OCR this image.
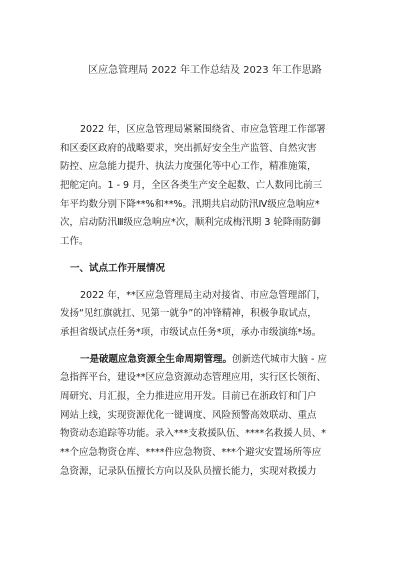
区应急管理局 2022 年工作总结及 2023 年工作思路
2022 年，区应急管理局紧紧围绕省、市应急管理工作部署
和区委区政府的战略要求，突出抓好安全生产监管、自然灾害
防控、应急能力提升、执法力度强化等中心工作，精准施策，
把舵定向。1 - 9 月，全区各类生产安全起数、亡人数同比前三
年平均数分别下降**%和**%。汛期共启动防汛Ⅳ级应急响应*
次，启动防汛Ⅲ级应急响应*次，顺利完成梅汛期 3 轮降雨防御
工作。
一、试点工作开展情况
2022 年，**区应急管理局主动对接省、市应急管理部门，
发扬“见红旗就扛、见第一就争”的冲锋精神，积极争取试点，
承担省级试点任务*项，市级试点任务*项，承办市级演练*场。
一是破题应急资源全生命周期管理。创新迭代城市大脑 - 应
急指挥平台，建设**区应急资源动态管理应用，实行区长领衔、
周研究、月汇报，全力推进应用开发。目前已在浙政钉和门户
网站上线，实现资源优化一键调度、风险预警高效联动、重点
物资动态追踪等功能。录入***支救援队伍、****名救援人员、*
**个应急物资仓库、****件应急物资、***个避灾安置场所等应
急资源，记录队伍擅长方向以及队员擅长能力，实现对救援力
